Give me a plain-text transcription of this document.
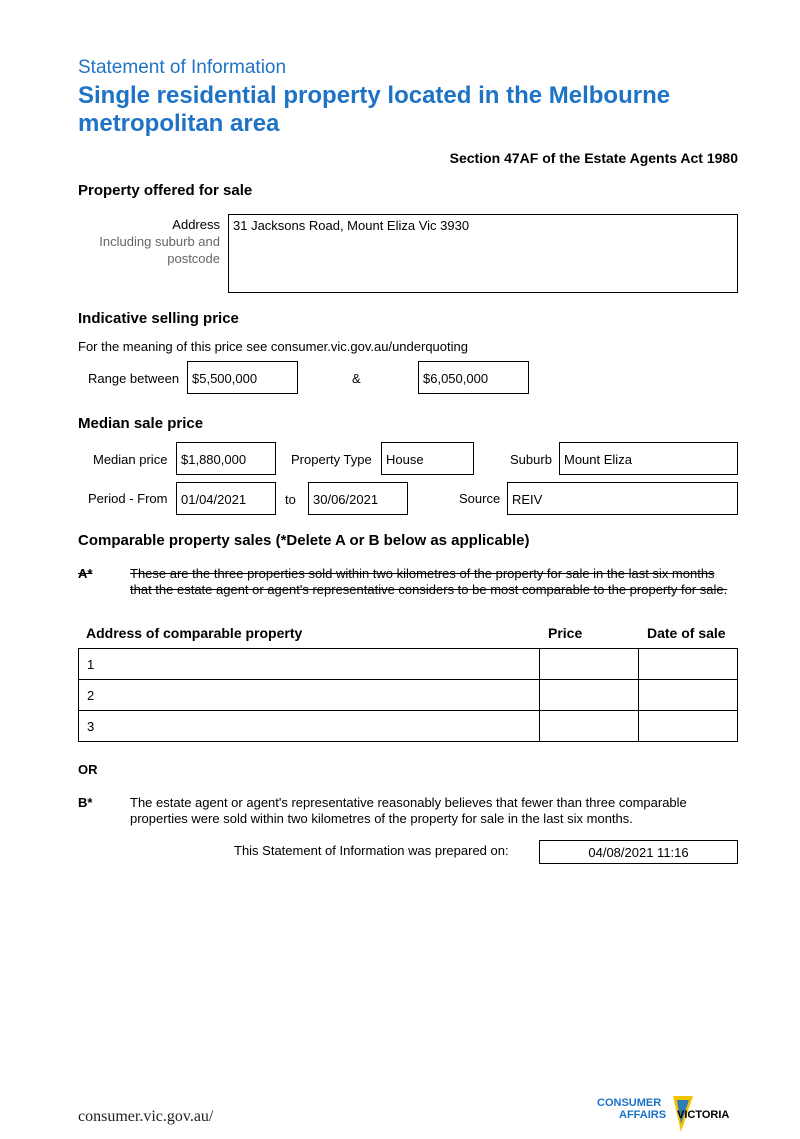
Statement of Information
Single residential property located in the Melbourne metropolitan area
Section 47AF of the Estate Agents Act 1980
Property offered for sale
Address
Including suburb and postcode
31 Jacksons Road, Mount Eliza Vic 3930
Indicative selling price
For the meaning of this price see consumer.vic.gov.au/underquoting
Range between $5,500,000	&	$6,050,000
Median sale price
Median price	$1,880,000	Property Type	House	Suburb Mount Eliza
Period - From	01/04/2021	to	30/06/2021	Source REIV
Comparable property sales (*Delete A or B below as applicable)
A*	These are the three properties sold within two kilometres of the property for sale in the last six months that the estate agent or agent's representative considers to be most comparable to the property for sale.
Address of comparable property	Price	Date of sale
1		
2		
3		
OR
B*	The estate agent or agent's representative reasonably believes that fewer than three comparable properties were sold within two kilometres of the property for sale in the last six months.
This Statement of Information was prepared on:	04/08/2021 11:16
consumer.vic.gov.au/
CONSUMER
AFFAIRS VICTORIA
